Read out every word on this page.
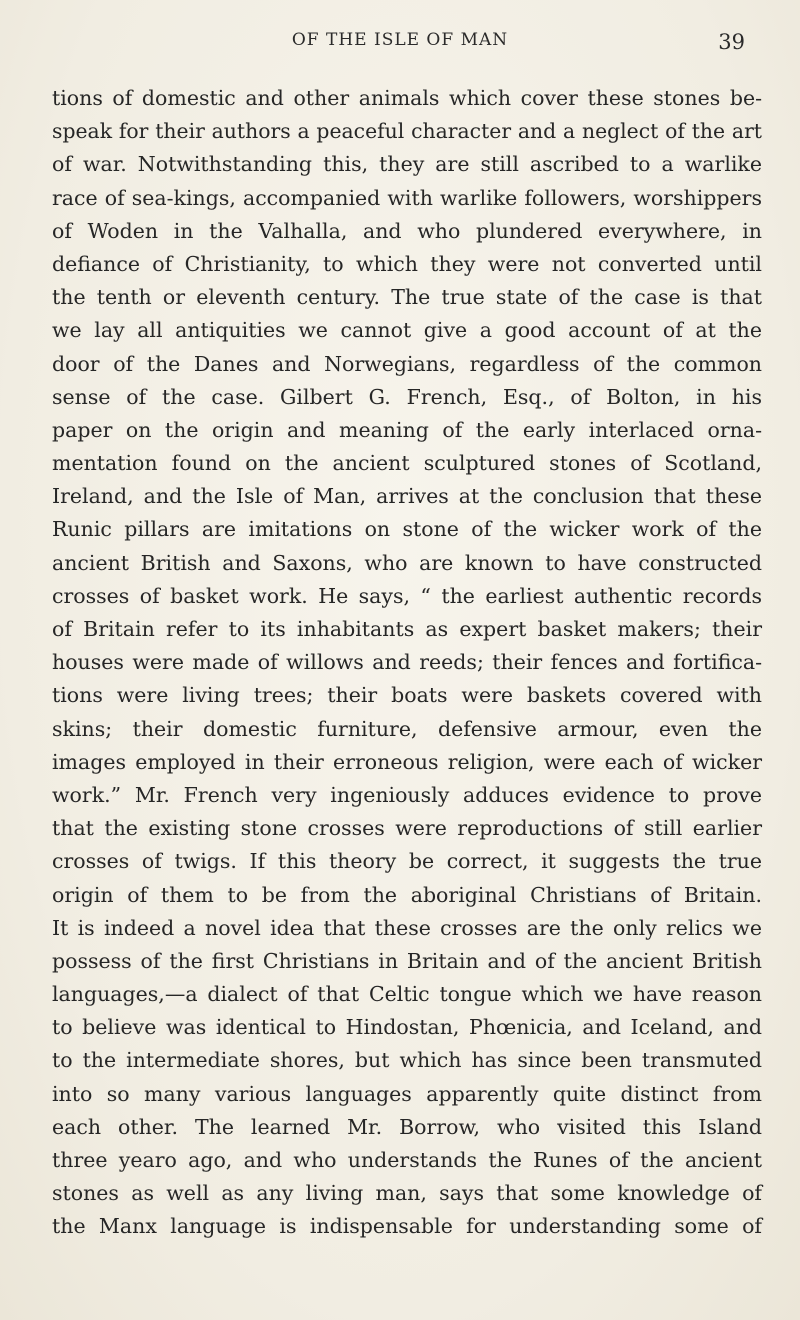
OF THE ISLE OF MAN	39
tions of domestic and other animals which cover these stones be-
speak for their authors a peaceful character and a neglect of the art
of war. Notwithstanding this, they are still ascribed to a warlike
race of sea-kings, accompanied with warlike followers, worshippers
of Woden in the Valhalla, and who plundered everywhere, in
defiance of Christianity, to which they were not converted until
the tenth or eleventh century. The true state of the case is that
we lay all antiquities we cannot give a good account of at the
door of the Danes and Norwegians, regardless of the common
sense of the case. Gilbert G. French, Esq., of Bolton, in his
paper on the origin and meaning of the early interlaced orna-
mentation found on the ancient sculptured stones of Scotland,
Ireland, and the Isle of Man, arrives at the conclusion that these
Runic pillars are imitations on stone of the wicker work of the
ancient British and Saxons, who are known to have constructed
crosses of basket work. He says, “ the earliest authentic records
of Britain refer to its inhabitants as expert basket makers; their
houses were made of willows and reeds; their fences and fortifica-
tions were living trees; their boats were baskets covered with
skins; their domestic furniture, defensive armour, even the
images employed in their erroneous religion, were each of wicker
work.” Mr. French very ingeniously adduces evidence to prove
that the existing stone crosses were reproductions of still earlier
crosses of twigs. If this theory be correct, it suggests the true
origin of them to be from the aboriginal Christians of Britain.
It is indeed a novel idea that these crosses are the only relics we
possess of the first Christians in Britain and of the ancient British
languages,—a dialect of that Celtic tongue which we have reason
to believe was identical to Hindostan, Phœnicia, and Iceland, and
to the intermediate shores, but which has since been transmuted
into so many various languages apparently quite distinct from
each other. The learned Mr. Borrow, who visited this Island
three yearo ago, and who understands the Runes of the ancient
stones as well as any living man, says that some knowledge of
the Manx language is indispensable for understanding some of
